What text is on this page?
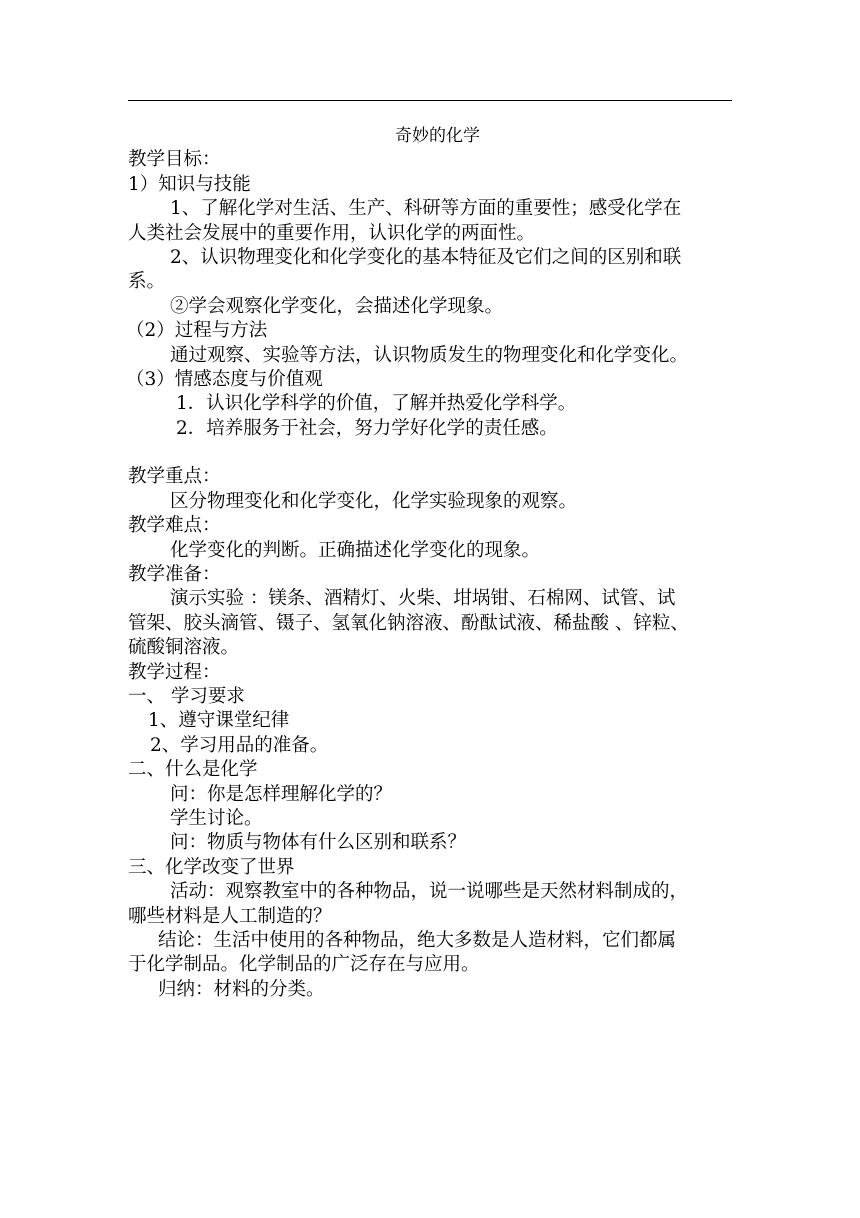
奇妙的化学
教学目标：
1）知识与技能
1、了解化学对生活、生产、科研等方面的重要性；感受化学在
人类社会发展中的重要作用，认识化学的两面性。
2、认识物理变化和化学变化的基本特征及它们之间的区别和联
系。
②学会观察化学变化，会描述化学现象。
（2）过程与方法
通过观察、实验等方法，认识物质发生的物理变化和化学变化。
（3）情感态度与价值观
1．认识化学科学的价值，了解并热爱化学科学。
2．培养服务于社会，努力学好化学的责任感。
教学重点：
区分物理变化和化学变化，化学实验现象的观察。
教学难点：
化学变化的判断。正确描述化学变化的现象。
教学准备：
演示实验 ：镁条、酒精灯、火柴、坩埚钳、石棉网、试管、试
管架、胶头滴管、镊子、氢氧化钠溶液、酚酞试液、稀盐酸 、锌粒、
硫酸铜溶液。
教学过程：
一、 学习要求
1、遵守课堂纪律
2、学习用品的准备。
二、什么是化学
问：你是怎样理解化学的？
学生讨论。
问：物质与物体有什么区别和联系？
三、化学改变了世界
活动：观察教室中的各种物品，说一说哪些是天然材料制成的，
哪些材料是人工制造的？
结论：生活中使用的各种物品，绝大多数是人造材料，它们都属
于化学制品。化学制品的广泛存在与应用。
归纳：材料的分类。
